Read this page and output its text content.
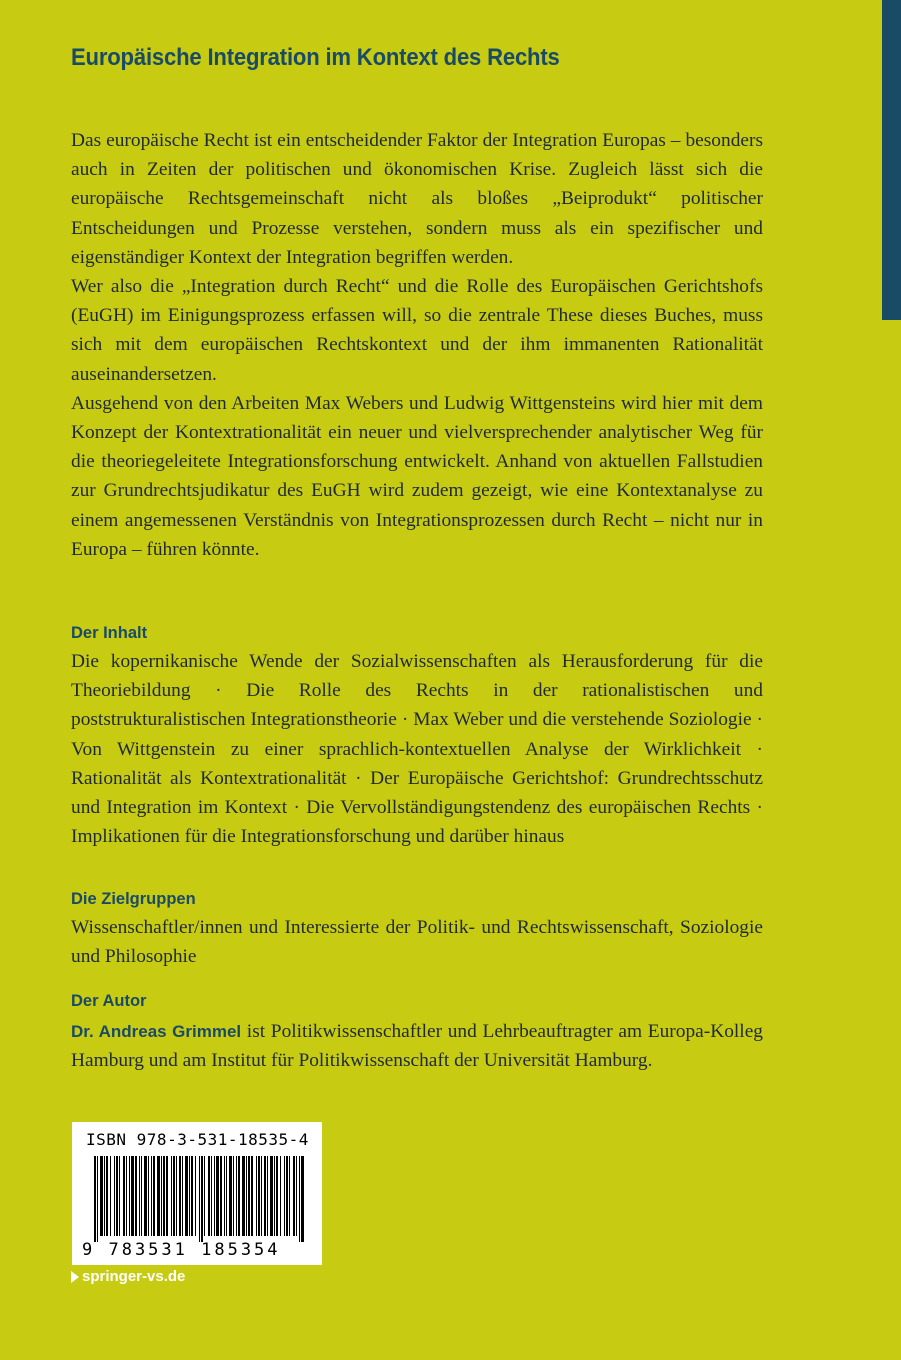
Europäische Integration im Kontext des Rechts

Das europäische Recht ist ein entscheidender Faktor der Integration Europas – besonders auch in Zeiten der politischen und ökonomischen Krise. Zugleich lässt sich die europäische Rechtsgemeinschaft nicht als bloßes „Beiprodukt“ politischer Entscheidungen und Prozesse verstehen, sondern muss als ein spezifischer und eigenständiger Kontext der Integration begriffen werden.

Wer also die „Integration durch Recht“ und die Rolle des Europäischen Gerichtshofs (EuGH) im Einigungsprozess erfassen will, so die zentrale These dieses Buches, muss sich mit dem europäischen Rechtskontext und der ihm immanenten Rationalität auseinandersetzen.

Ausgehend von den Arbeiten Max Webers und Ludwig Wittgensteins wird hier mit dem Konzept der Kontextrationalität ein neuer und vielversprechender analytischer Weg für die theoriegeleitete Integrationsforschung entwickelt. Anhand von aktuellen Fallstudien zur Grundrechtsjudikatur des EuGH wird zudem gezeigt, wie eine Kontextanalyse zu einem angemessenen Verständnis von Integrationsprozessen durch Recht – nicht nur in Europa – führen könnte.

Der Inhalt
Die kopernikanische Wende der Sozialwissenschaften als Herausforderung für die Theoriebildung · Die Rolle des Rechts in der rationalistischen und poststrukturalistischen Integrationstheorie · Max Weber und die verstehende Soziologie · Von Wittgenstein zu einer sprachlich-kontextuellen Analyse der Wirklichkeit · Rationalität als Kontextrationalität · Der Europäische Gerichtshof: Grundrechtsschutz und Integration im Kontext · Die Vervollständigungstendenz des europäischen Rechts · Implikationen für die Integrationsforschung und darüber hinaus
Die Zielgruppen
Wissenschaftler/innen und Interessierte der Politik- und Rechtswissenschaft, Soziologie und Philosophie
Der Autor
Dr. Andreas Grimmel ist Politikwissenschaftler und Lehrbeauftragter am Europa-Kolleg Hamburg und am Institut für Politikwissenschaft der Universität Hamburg.
ISBN 978-3-531-18535-4
9 783531 185354
springer-vs.de
